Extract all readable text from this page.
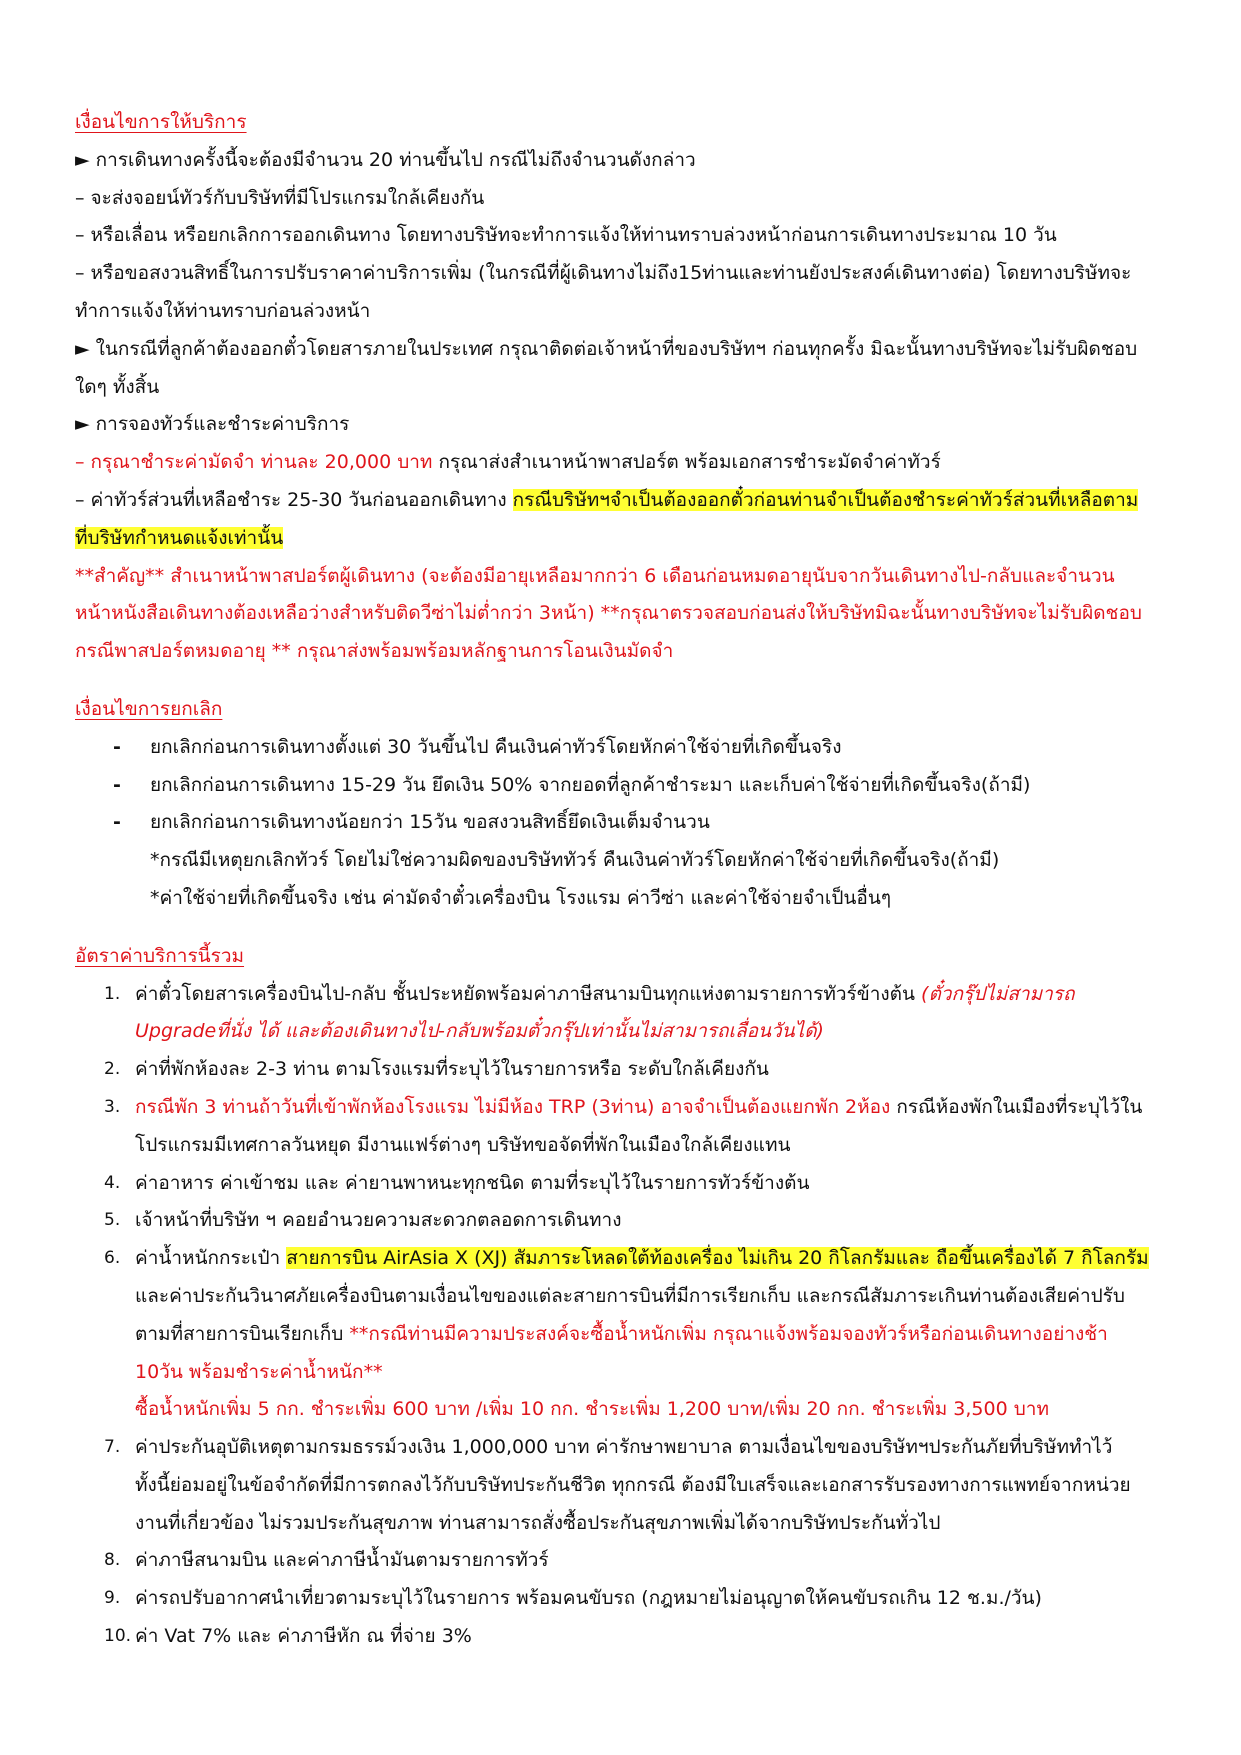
เงื่อนไขการให้บริการ
► การเดินทางครั้งนี้จะต้องมีจำนวน 20 ท่านขึ้นไป กรณีไม่ถึงจำนวนดังกล่าว
– จะส่งจอยน์ทัวร์กับบริษัทที่มีโปรแกรมใกล้เคียงกัน
– หรือเลื่อน หรือยกเลิกการออกเดินทาง โดยทางบริษัทจะทำการแจ้งให้ท่านทราบล่วงหน้าก่อนการเดินทางประมาณ 10 วัน
– หรือขอสงวนสิทธิ์ในการปรับราคาค่าบริการเพิ่ม (ในกรณีที่ผู้เดินทางไม่ถึง15ท่านและท่านยังประสงค์เดินทางต่อ) โดยทางบริษัทจะทำการแจ้งให้ท่านทราบก่อนล่วงหน้า
► ในกรณีที่ลูกค้าต้องออกตั๋วโดยสารภายในประเทศ กรุณาติดต่อเจ้าหน้าที่ของบริษัทฯ ก่อนทุกครั้ง มิฉะนั้นทางบริษัทจะไม่รับผิดชอบใดๆ ทั้งสิ้น
► การจองทัวร์และชำระค่าบริการ
– กรุณาชำระค่ามัดจำ ท่านละ 20,000 บาท กรุณาส่งสำเนาหน้าพาสปอร์ต พร้อมเอกสารชำระมัดจำค่าทัวร์
– ค่าทัวร์ส่วนที่เหลือชำระ 25-30 วันก่อนออกเดินทาง กรณีบริษัทฯจำเป็นต้องออกตั๋วก่อนท่านจำเป็นต้องชำระค่าทัวร์ส่วนที่เหลือตามที่บริษัทกำหนดแจ้งเท่านั้น
**สำคัญ** สำเนาหน้าพาสปอร์ตผู้เดินทาง (จะต้องมีอายุเหลือมากกว่า 6 เดือนก่อนหมดอายุนับจากวันเดินทางไป-กลับและจำนวนหน้าหนังสือเดินทางต้องเหลือว่างสำหรับติดวีซ่าไม่ต่ำกว่า 3หน้า) **กรุณาตรวจสอบก่อนส่งให้บริษัทมิฉะนั้นทางบริษัทจะไม่รับผิดชอบกรณีพาสปอร์ตหมดอายุ ** กรุณาส่งพร้อมพร้อมหลักฐานการโอนเงินมัดจำ
เงื่อนไขการยกเลิก
- ยกเลิกก่อนการเดินทางตั้งแต่ 30 วันขึ้นไป คืนเงินค่าทัวร์โดยหักค่าใช้จ่ายที่เกิดขึ้นจริง
- ยกเลิกก่อนการเดินทาง 15-29 วัน ยึดเงิน 50% จากยอดที่ลูกค้าชำระมา และเก็บค่าใช้จ่ายที่เกิดขึ้นจริง(ถ้ามี)
- ยกเลิกก่อนการเดินทางน้อยกว่า 15วัน ขอสงวนสิทธิ์ยึดเงินเต็มจำนวน
*กรณีมีเหตุยกเลิกทัวร์ โดยไม่ใช่ความผิดของบริษัททัวร์ คืนเงินค่าทัวร์โดยหักค่าใช้จ่ายที่เกิดขึ้นจริง(ถ้ามี)
*ค่าใช้จ่ายที่เกิดขึ้นจริง เช่น ค่ามัดจำตั๋วเครื่องบิน โรงแรม ค่าวีซ่า และค่าใช้จ่ายจำเป็นอื่นๆ
อัตราค่าบริการนี้รวม
1. ค่าตั๋วโดยสารเครื่องบินไป-กลับ ชั้นประหยัดพร้อมค่าภาษีสนามบินทุกแห่งตามรายการทัวร์ข้างต้น (ตั๋วกรุ๊ปไม่สามารถ Upgradeที่นั่ง ได้ และต้องเดินทางไป-กลับพร้อมตั๋วกรุ๊ปเท่านั้นไม่สามารถเลื่อนวันได้)
2. ค่าที่พักห้องละ 2-3 ท่าน ตามโรงแรมที่ระบุไว้ในรายการหรือ ระดับใกล้เคียงกัน
3. กรณีพัก 3 ท่านถ้าวันที่เข้าพักห้องโรงแรม ไม่มีห้อง TRP (3ท่าน) อาจจำเป็นต้องแยกพัก 2ห้อง กรณีห้องพักในเมืองที่ระบุไว้ในโปรแกรมมีเทศกาลวันหยุด มีงานแฟร์ต่างๆ บริษัทขอจัดที่พักในเมืองใกล้เคียงแทน
4. ค่าอาหาร ค่าเข้าชม และ ค่ายานพาหนะทุกชนิด ตามที่ระบุไว้ในรายการทัวร์ข้างต้น
5. เจ้าหน้าที่บริษัท ฯ คอยอำนวยความสะดวกตลอดการเดินทาง
6. ค่าน้ำหนักกระเป๋า สายการบิน AirAsia X (XJ) สัมภาระโหลดใต้ท้องเครื่อง ไม่เกิน 20 กิโลกรัมและ ถือขึ้นเครื่องได้ 7 กิโลกรัม และค่าประกันวินาศภัยเครื่องบินตามเงื่อนไขของแต่ละสายการบินที่มีการเรียกเก็บ และกรณีสัมภาระเกินท่านต้องเสียค่าปรับตามที่สายการบินเรียกเก็บ **กรณีท่านมีความประสงค์จะซื้อน้ำหนักเพิ่ม กรุณาแจ้งพร้อมจองทัวร์หรือก่อนเดินทางอย่างช้า 10วัน พร้อมชำระค่าน้ำหนัก**
ซื้อน้ำหนักเพิ่ม 5 กก. ชำระเพิ่ม 600 บาท /เพิ่ม 10 กก. ชำระเพิ่ม 1,200 บาท/เพิ่ม 20 กก. ชำระเพิ่ม 3,500 บาท
7. ค่าประกันอุบัติเหตุตามกรมธรรม์วงเงิน 1,000,000 บาท ค่ารักษาพยาบาล ตามเงื่อนไขของบริษัทฯประกันภัยที่บริษัททำไว้ ทั้งนี้ย่อมอยู่ในข้อจำกัดที่มีการตกลงไว้กับบริษัทประกันชีวิต ทุกกรณี ต้องมีใบเสร็จและเอกสารรับรองทางการแพทย์จากหน่วยงานที่เกี่ยวข้อง ไม่รวมประกันสุขภาพ ท่านสามารถสั่งซื้อประกันสุขภาพเพิ่มได้จากบริษัทประกันทั่วไป
8. ค่าภาษีสนามบิน และค่าภาษีน้ำมันตามรายการทัวร์
9. ค่ารถปรับอากาศนำเที่ยวตามระบุไว้ในรายการ พร้อมคนขับรถ (กฎหมายไม่อนุญาตให้คนขับรถเกิน 12 ช.ม./วัน)
10. ค่า Vat 7% และ ค่าภาษีหัก ณ ที่จ่าย 3%
